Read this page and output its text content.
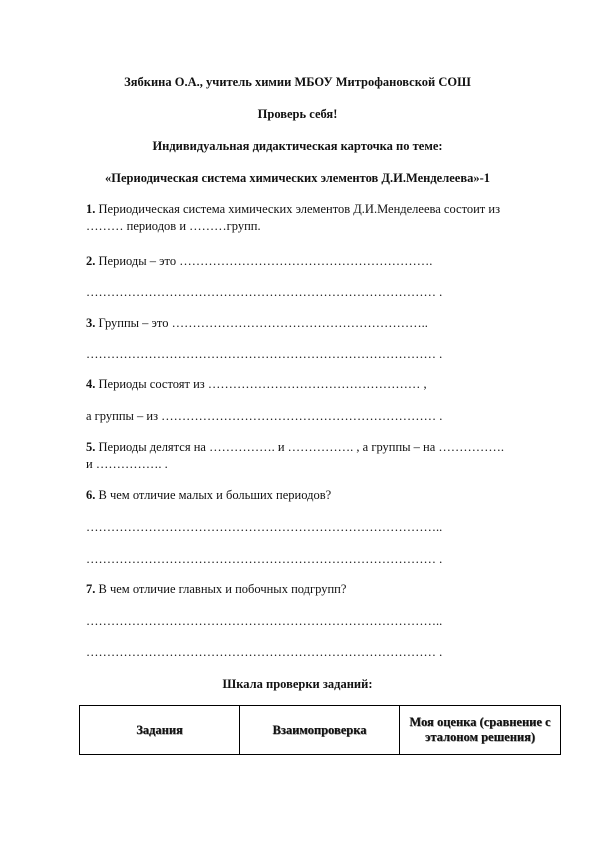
Зябкина О.А., учитель химии МБОУ Митрофановской СОШ
Проверь себя!
Индивидуальная дидактическая карточка по теме:
«Периодическая система химических элементов Д.И.Менделеева»-1
1. Периодическая система химических элементов Д.И.Менделеева состоит из
……… периодов и ………групп.
2. Периоды – это …………………………………………………….
………………………………………………………………………… .
3. Группы – это ……………………………………………………..
………………………………………………………………………… .
4. Периоды состоят из …………………………………………… ,
а группы – из ………………………………………………………… .
5. Периоды делятся на ……………. и ……………. , а группы – на …………….
и ……………. .
6. В чем отличие малых и больших периодов?
…………………………………………………………………………..
………………………………………………………………………… .
7. В чем отличие главных и побочных подгрупп?
…………………………………………………………………………..
………………………………………………………………………… .
Шкала проверки заданий:
Задания	Взаимопроверка	Моя оценка (сравнение с эталоном решения)
